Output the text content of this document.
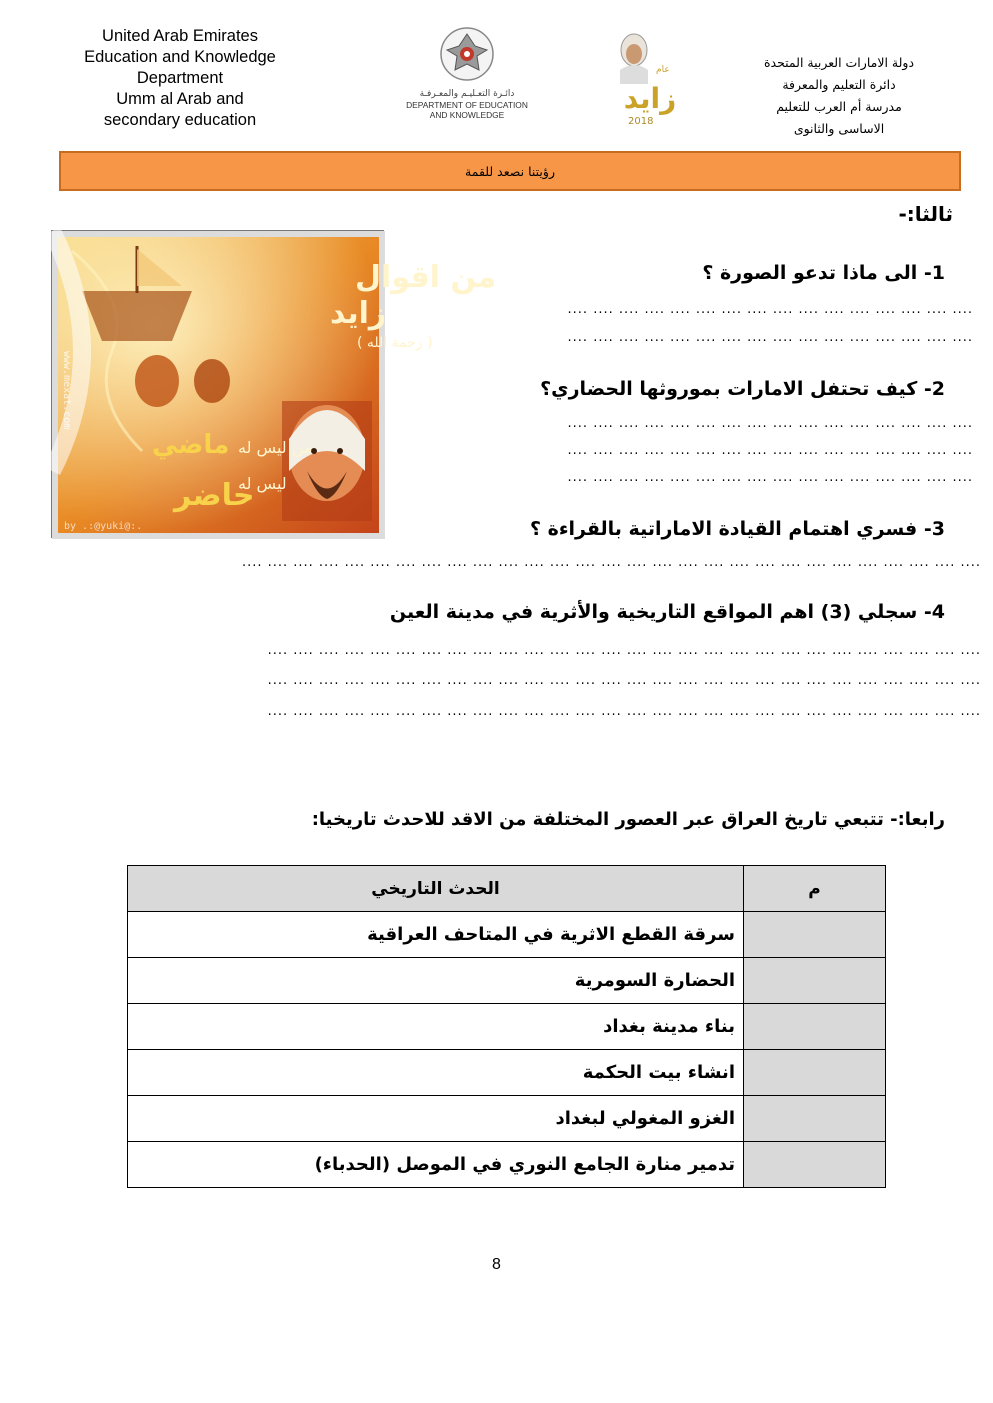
United Arab Emirates
Education and Knowledge
Department
Umm al Arab and
secondary education
دائـرة التعـليـم والمعـرفـة
DEPARTMENT OF EDUCATION
AND KNOWLEDGE
عام
زايد
2018
دولة الامارات العربية المتحدة
دائرة التعليم والمعرفة
مدرسة أم العرب للتعليم
الاساسى والثانوى
رؤيتنا نصعد للقمة
ثالثا:-
من اقوال
زايد
( رحمة الله )
من ليس له
ماضي
ليس له
حاضر
www.mexat.com
by .:@yuki@:.
1- الى ماذا تدعو الصورة ؟
.... .... .... .... .... .... .... .... .... .... .... .... .... .... .... ....
.... .... .... .... .... .... .... .... .... .... .... .... .... .... .... ....
2- كيف تحتفل الامارات بموروثها الحضاري؟
.... .... .... .... .... .... .... .... .... .... .... .... .... .... .... ....
.... .... .... .... .... .... .... .... .... .... .... .... .... .... .... ....
.... .... .... .... .... .... .... .... .... .... .... .... .... .... .... ....
3- فسري اهتمام القيادة الاماراتية بالقراءة ؟
.... .... .... .... .... .... .... .... .... .... .... .... .... .... .... .... .... .... .... .... .... .... .... .... .... .... .... .... ....
4- سجلي (3) اهم المواقع التاريخية والأثرية في مدينة العين
.... .... .... .... .... .... .... .... .... .... .... .... .... .... .... .... .... .... .... .... .... .... .... .... .... .... .... ....
.... .... .... .... .... .... .... .... .... .... .... .... .... .... .... .... .... .... .... .... .... .... .... .... .... .... .... ....
.... .... .... .... .... .... .... .... .... .... .... .... .... .... .... .... .... .... .... .... .... .... .... .... .... .... .... ....
رابعا:- تتبعي تاريخ العراق عبر العصور المختلفة من الاقد للاحدث تاريخيا:
م	الحدث التاريخي
	سرقة القطع الاثرية في المتاحف العراقية
	الحضارة السومرية
	بناء مدينة بغداد
	انشاء بيت الحكمة
	الغزو المغولي لبغداد
	تدمير منارة الجامع النوري في الموصل (الحدباء)
8
